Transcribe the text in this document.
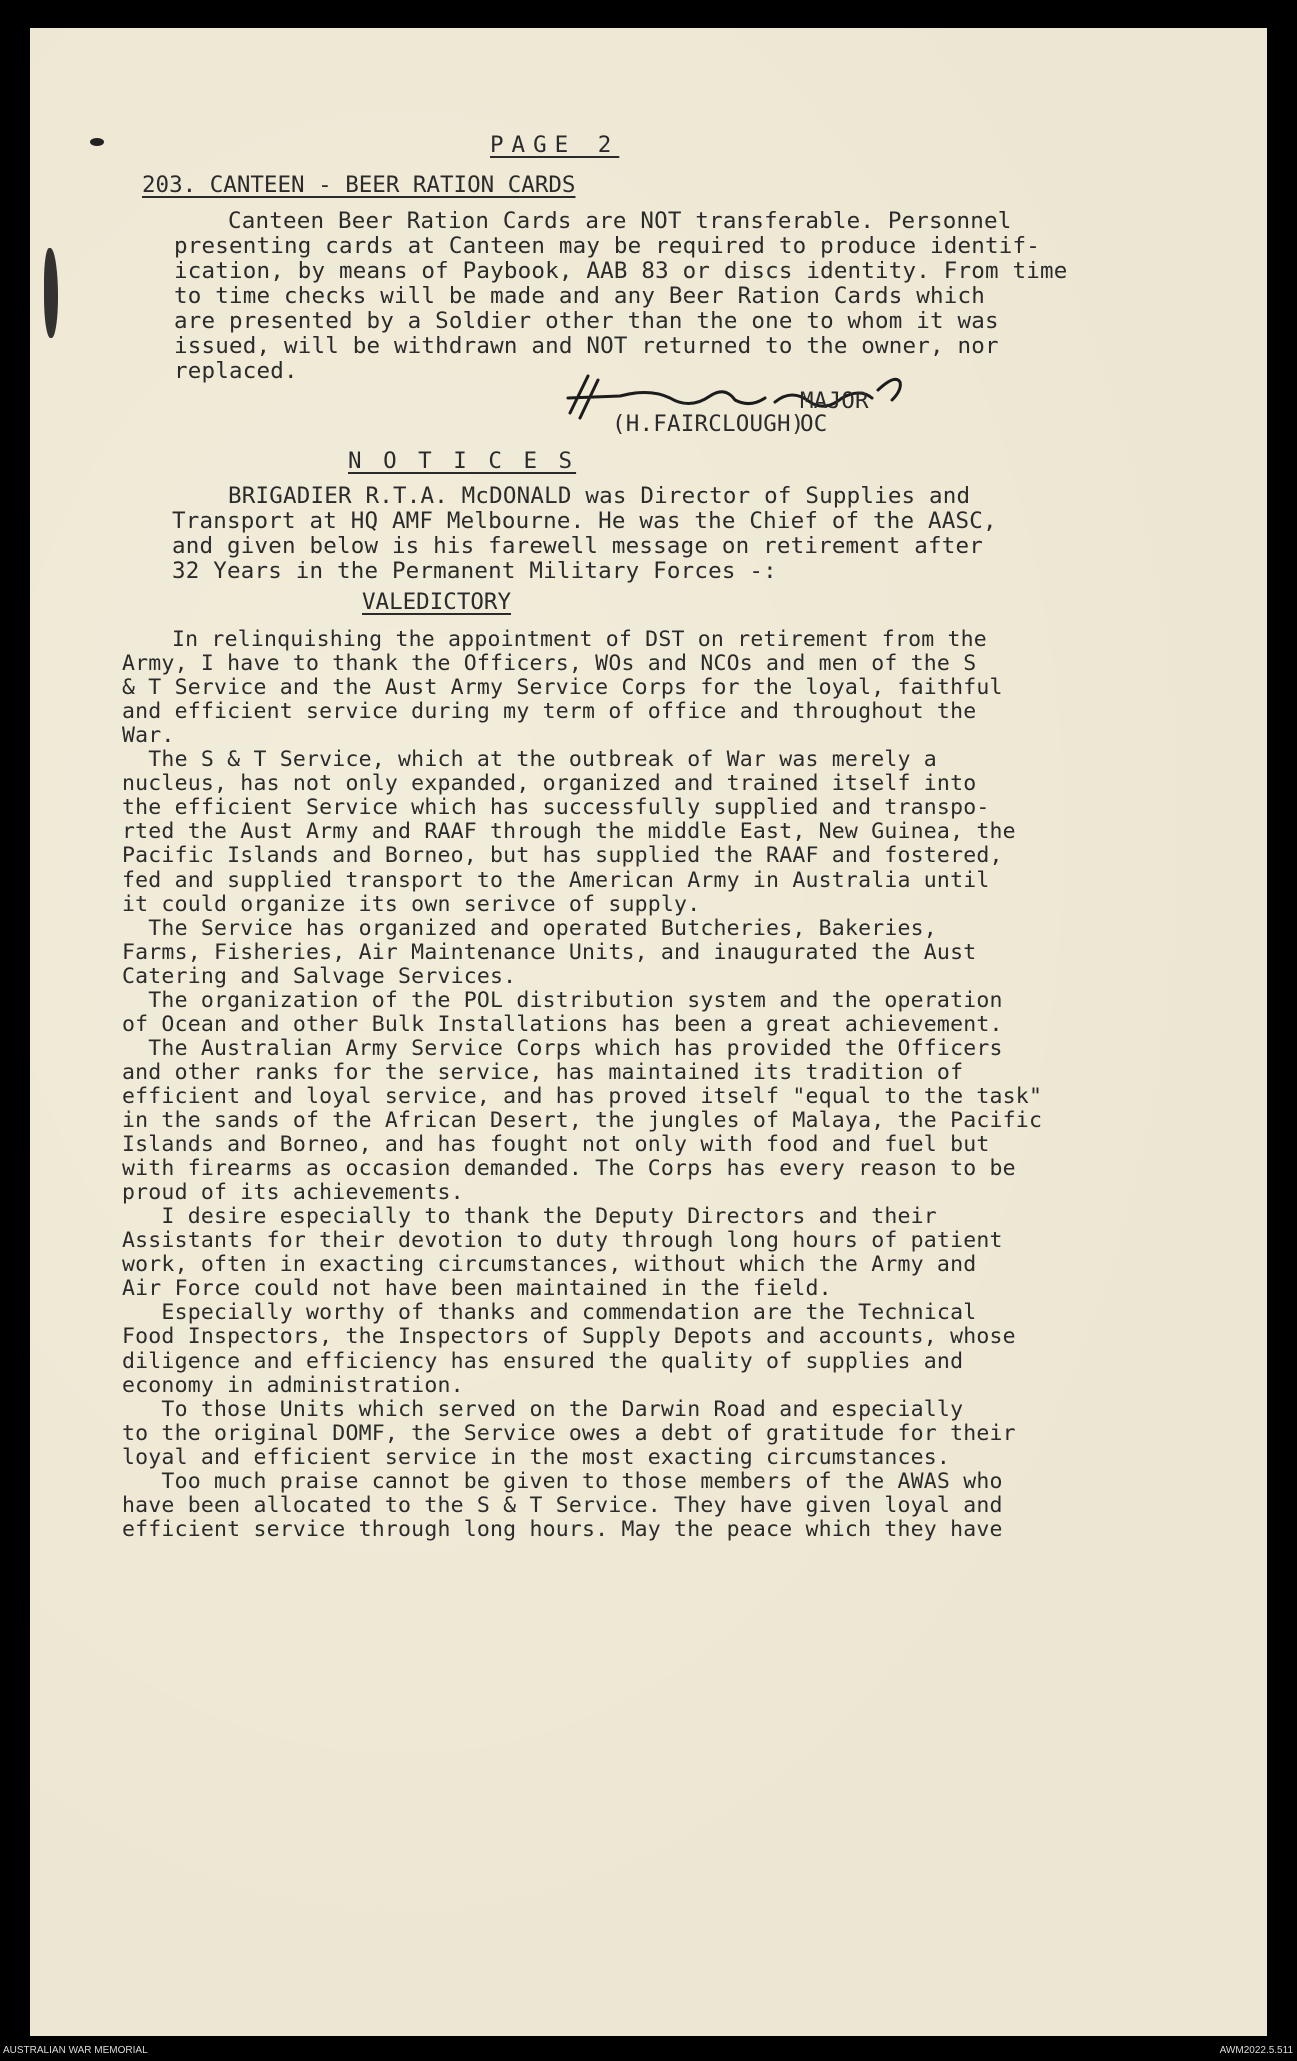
PAGE 2
203. CANTEEN - BEER RATION CARDS
Canteen Beer Ration Cards are NOT transferable. Personnel
presenting cards at Canteen may be required to produce identif-
ication, by means of Paybook, AAB 83 or discs identity. From time
to time checks will be made and any Beer Ration Cards which
are presented by a Soldier other than the one to whom it was
issued, will be withdrawn and NOT returned to the owner, nor
replaced.
MAJOR
(H.FAIRCLOUGH)
OC
N O T I C E S
BRIGADIER R.T.A. McDONALD was Director of Supplies and
Transport at HQ AMF Melbourne. He was the Chief of the AASC,
and given below is his farewell message on retirement after
32 Years in the Permanent Military Forces -:
VALEDICTORY
In relinquishing the appointment of DST on retirement from the
Army, I have to thank the Officers, WOs and NCOs and men of the S
& T Service and the Aust Army Service Corps for the loyal, faithful
and efficient service during my term of office and throughout the
War.
The S & T Service, which at the outbreak of War was merely a
nucleus, has not only expanded, organized and trained itself into
the efficient Service which has successfully supplied and transpo-
rted the Aust Army and RAAF through the middle East, New Guinea, the
Pacific Islands and Borneo, but has supplied the RAAF and fostered,
fed and supplied transport to the American Army in Australia until
it could organize its own serivce of supply.
The Service has organized and operated Butcheries, Bakeries,
Farms, Fisheries, Air Maintenance Units, and inaugurated the Aust
Catering and Salvage Services.
The organization of the POL distribution system and the operation
of Ocean and other Bulk Installations has been a great achievement.
The Australian Army Service Corps which has provided the Officers
and other ranks for the service, has maintained its tradition of
efficient and loyal service, and has proved itself "equal to the task"
in the sands of the African Desert, the jungles of Malaya, the Pacific
Islands and Borneo, and has fought not only with food and fuel but
with firearms as occasion demanded. The Corps has every reason to be
proud of its achievements.
I desire especially to thank the Deputy Directors and their
Assistants for their devotion to duty through long hours of patient
work, often in exacting circumstances, without which the Army and
Air Force could not have been maintained in the field.
Especially worthy of thanks and commendation are the Technical
Food Inspectors, the Inspectors of Supply Depots and accounts, whose
diligence and efficiency has ensured the quality of supplies and
economy in administration.
To those Units which served on the Darwin Road and especially
to the original DOMF, the Service owes a debt of gratitude for their
loyal and efficient service in the most exacting circumstances.
Too much praise cannot be given to those members of the AWAS who
have been allocated to the S & T Service. They have given loyal and
efficient service through long hours. May the peace which they have
AUSTRALIAN WAR MEMORIAL	AWM2022.5.511
